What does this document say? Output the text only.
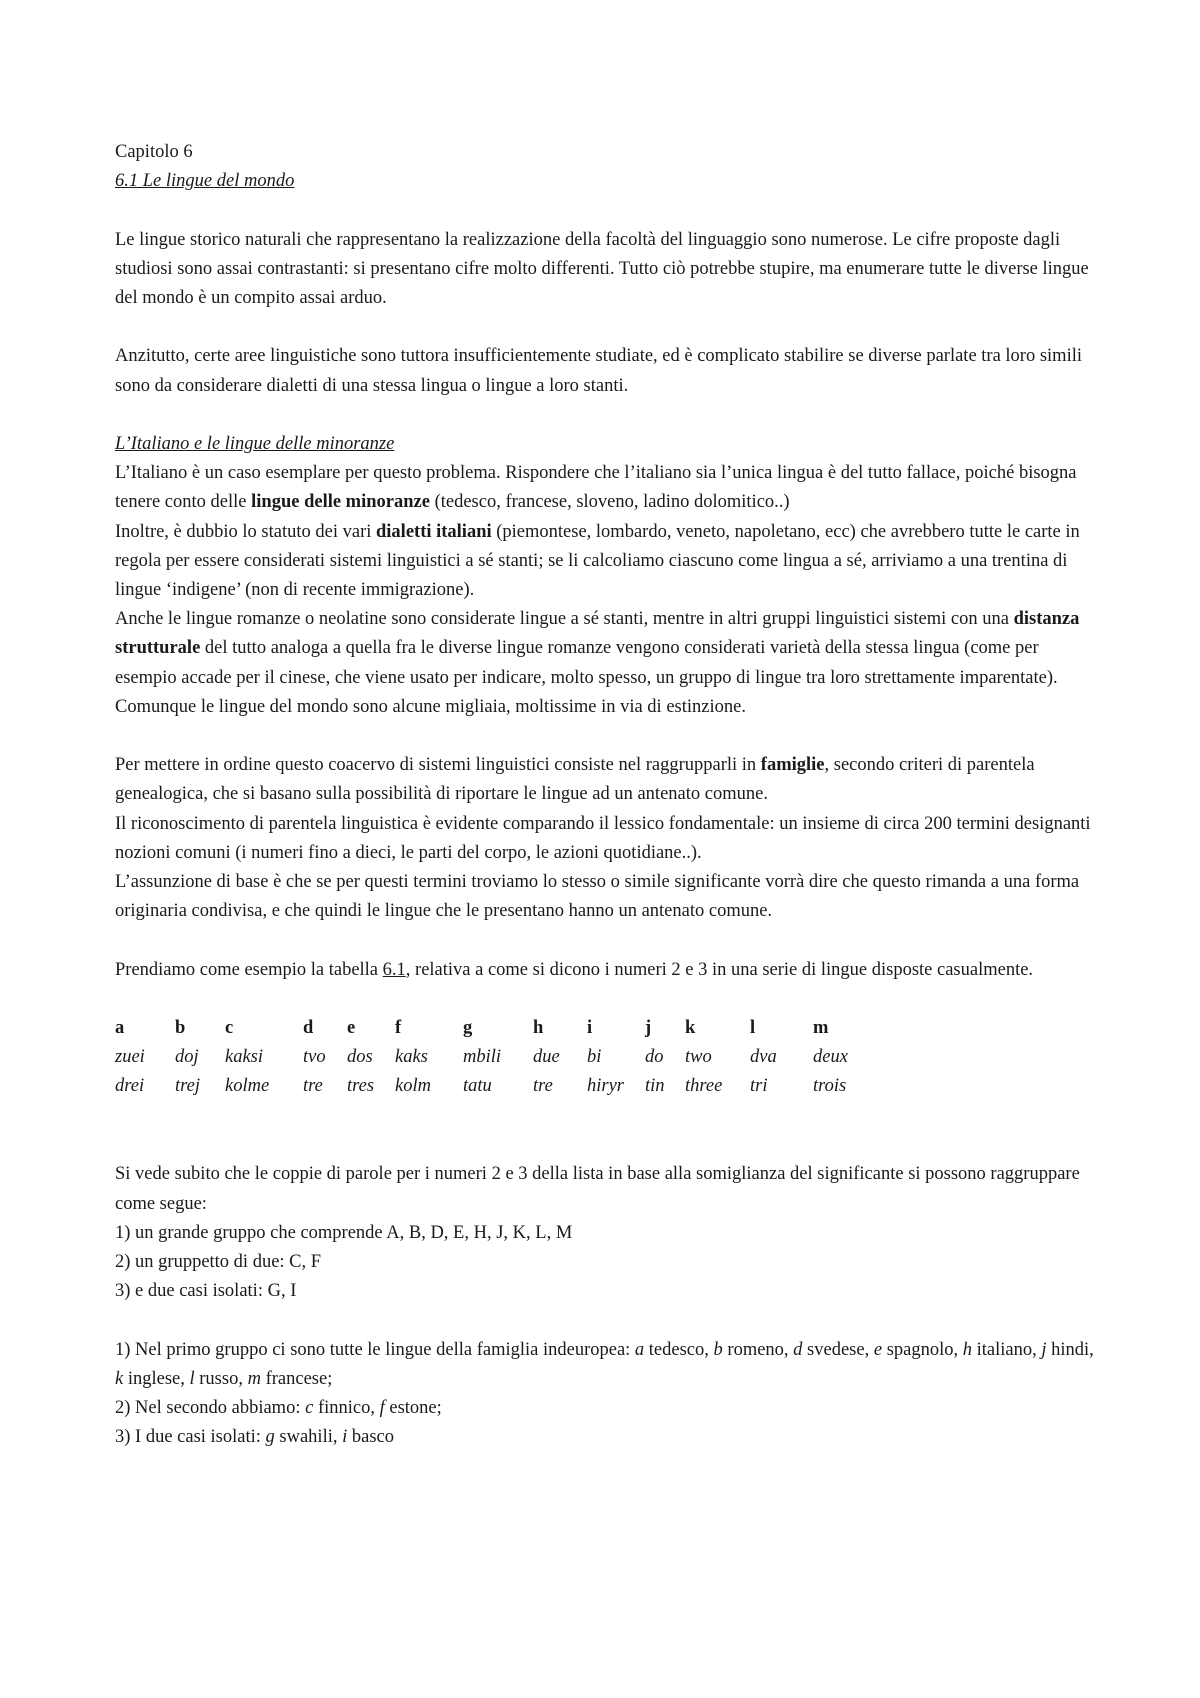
Capitolo 6

6.1 Le lingue del mondo

Le lingue storico naturali che rappresentano la realizzazione della facoltà del linguaggio sono numerose. Le cifre proposte dagli studiosi sono assai contrastanti: si presentano cifre molto differenti. Tutto ciò potrebbe stupire, ma enumerare tutte le diverse lingue del mondo è un compito assai arduo.

Anzitutto, certe aree linguistiche sono tuttora insufficientemente studiate, ed è complicato stabilire se diverse parlate tra loro simili sono da considerare dialetti di una stessa lingua o lingue a loro stanti.

L’Italiano e le lingue delle minoranze

L’Italiano è un caso esemplare per questo problema. Rispondere che l’italiano sia l’unica lingua è del tutto fallace, poiché bisogna tenere conto delle lingue delle minoranze (tedesco, francese, sloveno, ladino dolomitico..)

Inoltre, è dubbio lo statuto dei vari dialetti italiani (piemontese, lombardo, veneto, napoletano, ecc) che avrebbero tutte le carte in regola per essere considerati sistemi linguistici a sé stanti; se li calcoliamo ciascuno come lingua a sé, arriviamo a una trentina di lingue ‘indigene’ (non di recente immigrazione).

Anche le lingue romanze o neolatine sono considerate lingue a sé stanti, mentre in altri gruppi linguistici sistemi con una distanza strutturale del tutto analoga a quella fra le diverse lingue romanze vengono considerati varietà della stessa lingua (come per esempio accade per il cinese, che viene usato per indicare, molto spesso, un gruppo di lingue tra loro strettamente imparentate).

Comunque le lingue del mondo sono alcune migliaia, moltissime in via di estinzione.

Per mettere in ordine questo coacervo di sistemi linguistici consiste nel raggrupparli in famiglie, secondo criteri di parentela genealogica, che si basano sulla possibilità di riportare le lingue ad un antenato comune.

Il riconoscimento di parentela linguistica è evidente comparando il lessico fondamentale: un insieme di circa 200 termini designanti nozioni comuni (i numeri fino a dieci, le parti del corpo, le azioni quotidiane..).

L’assunzione di base è che se per questi termini troviamo lo stesso o simile significante vorrà dire che questo rimanda a una forma originaria condivisa, e che quindi le lingue che le presentano hanno un antenato comune.

Prendiamo come esempio la tabella 6.1, relativa a come si dicono i numeri 2 e 3 in una serie di lingue disposte casualmente.

a	b c	d e f	g	h i	j k	l	m
zuei doj kaksi tvo dos kaks mbili due bi do two dva deux
drei trej kolme tre tres kolm tatu tre hiryr tin three tri trois

Si vede subito che le coppie di parole per i numeri 2 e 3 della lista in base alla somiglianza del significante si possono raggruppare come segue:

1) un grande gruppo che comprende A, B, D, E, H, J, K, L, M

2) un gruppetto di due: C, F

3) e due casi isolati: G, I

1) Nel primo gruppo ci sono tutte le lingue della famiglia indeuropea: a tedesco, b romeno, d svedese, e spagnolo, h italiano, j hindi, k inglese, l russo, m francese;

2) Nel secondo abbiamo: c finnico, f estone;

3) I due casi isolati: g swahili, i basco
